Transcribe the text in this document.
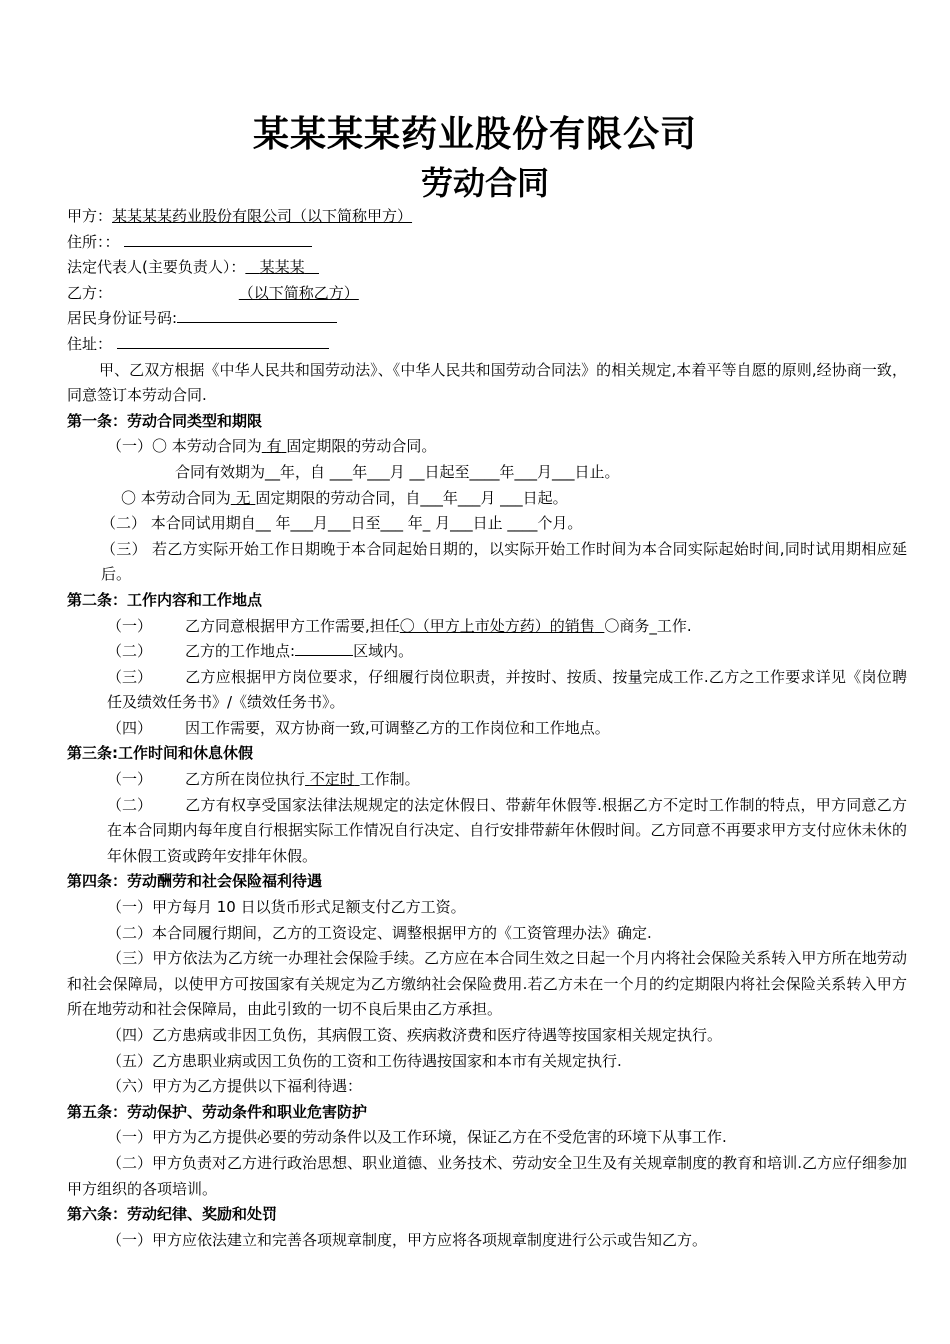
某某某某药业股份有限公司
劳动合同
甲方：某某某某药业股份有限公司（以下简称甲方）
住所：：
法定代表人(主要负责人）： 某某某
乙方：	（以下简称乙方）
居民身份证号码:
住址：
甲、乙双方根据《中华人民共和国劳动法》、《中华人民共和国劳动合同法》的相关规定,本着平等自愿的原则,经协商一致，同意签订本劳动合同.
第一条：劳动合同类型和期限
（一）〇 本劳动合同为 有 固定期限的劳动合同。
合同有效期为__年，自 ___年___月 __日起至____年___月___日止。
〇 本劳动合同为 无 固定期限的劳动合同，自___年___月 ___日起。
（二） 本合同试用期自__ 年___月___日至___ 年_ 月___日止 ____个月。
（三） 若乙方实际开始工作日期晚于本合同起始日期的，以实际开始工作时间为本合同实际起始时间,同时试用期相应延后。
第二条：工作内容和工作地点
（一） 乙方同意根据甲方工作需要,担任〇（甲方上市处方药）的销售 〇商务_工作.
（二） 乙方的工作地点:	区域内。
（三） 乙方应根据甲方岗位要求，仔细履行岗位职责，并按时、按质、按量完成工作.乙方之工作要求详见《岗位聘任及绩效任务书》/《绩效任务书》。
（四） 因工作需要，双方协商一致,可调整乙方的工作岗位和工作地点。
第三条:工作时间和休息休假
（一） 乙方所在岗位执行 不定时 工作制。
（二） 乙方有权享受国家法律法规规定的法定休假日、带薪年休假等.根据乙方不定时工作制的特点，甲方同意乙方在本合同期内每年度自行根据实际工作情况自行决定、自行安排带薪年休假时间。乙方同意不再要求甲方支付应休未休的年休假工资或跨年安排年休假。
第四条：劳动酬劳和社会保险福利待遇
（一）甲方每月 10 日以货币形式足额支付乙方工资。
（二）本合同履行期间，乙方的工资设定、调整根据甲方的《工资管理办法》确定.
（三）甲方依法为乙方统一办理社会保险手续。乙方应在本合同生效之日起一个月内将社会保险关系转入甲方所在地劳动和社会保障局，以使甲方可按国家有关规定为乙方缴纳社会保险费用.若乙方未在一个月的约定期限内将社会保险关系转入甲方所在地劳动和社会保障局，由此引致的一切不良后果由乙方承担。
（四）乙方患病或非因工负伤，其病假工资、疾病救济费和医疗待遇等按国家相关规定执行。
（五）乙方患职业病或因工负伤的工资和工伤待遇按国家和本市有关规定执行.
（六）甲方为乙方提供以下福利待遇：
第五条：劳动保护、劳动条件和职业危害防护
（一）甲方为乙方提供必要的劳动条件以及工作环境，保证乙方在不受危害的环境下从事工作.
（二）甲方负责对乙方进行政治思想、职业道德、业务技术、劳动安全卫生及有关规章制度的教育和培训.乙方应仔细参加甲方组织的各项培训。
第六条：劳动纪律、奖励和处罚
（一）甲方应依法建立和完善各项规章制度，甲方应将各项规章制度进行公示或告知乙方。
